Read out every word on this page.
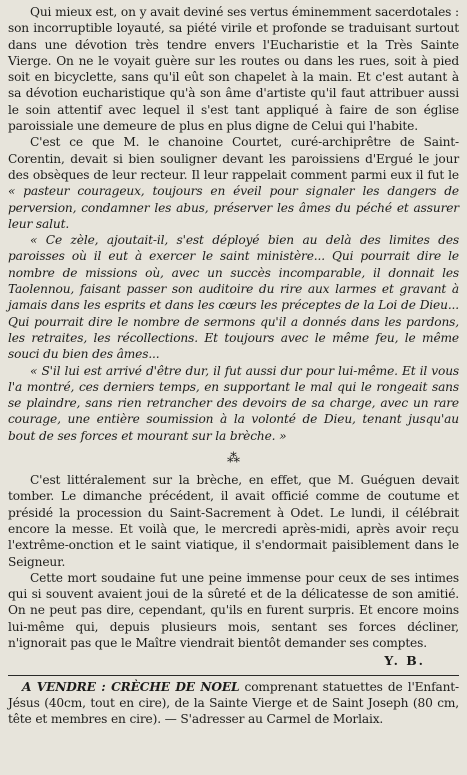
Qui mieux est, on y avait deviné ses vertus éminemment sacerdotales : son incorruptible loyauté, sa piété virile et profonde se traduisant surtout dans une dévotion très tendre envers l'Eucharistie et la Très Sainte Vierge. On ne le voyait guère sur les routes ou dans les rues, soit à pied soit en bicyclette, sans qu'il eût son chapelet à la main. Et c'est autant à sa dévotion eucharistique qu'à son âme d'artiste qu'il faut attribuer aussi le soin attentif avec lequel il s'est tant appliqué à faire de son église paroissiale une demeure de plus en plus digne de Celui qui l'habite.

C'est ce que M. le chanoine Courtet, curé-archiprêtre de Saint-Corentin, devait si bien souligner devant les paroissiens d'Ergué le jour des obsèques de leur recteur. Il leur rappelait comment parmi eux il fut le « pasteur courageux, toujours en éveil pour signaler les dangers de perversion, condamner les abus, préserver les âmes du péché et assurer leur salut.

« Ce zèle, ajoutait-il, s'est déployé bien au delà des limites des paroisses où il eut à exercer le saint ministère... Qui pourrait dire le nombre de missions où, avec un succès incomparable, il donnait les Taolennou, faisant passer son auditoire du rire aux larmes et gravant à jamais dans les esprits et dans les cœurs les préceptes de la Loi de Dieu... Qui pourrait dire le nombre de sermons qu'il a donnés dans les pardons, les retraites, les récollections. Et toujours avec le même feu, le même souci du bien des âmes...

« S'il lui est arrivé d'être dur, il fut aussi dur pour lui-même. Et il vous l'a montré, ces derniers temps, en supportant le mal qui le rongeait sans se plaindre, sans rien retrancher des devoirs de sa charge, avec un rare courage, une entière soumission à la volonté de Dieu, tenant jusqu'au bout de ses forces et mourant sur la brèche. »

⁂

C'est littéralement sur la brèche, en effet, que M. Guéguen devait tomber. Le dimanche précédent, il avait officié comme de coutume et présidé la procession du Saint-Sacrement à Odet. Le lundi, il célébrait encore la messe. Et voilà que, le mercredi après-midi, après avoir reçu l'extrême-onction et le saint viatique, il s'endormait paisiblement dans le Seigneur.

Cette mort soudaine fut une peine immense pour ceux de ses intimes qui si souvent avaient joui de la sûreté et de la délicatesse de son amitié. On ne peut pas dire, cependant, qu'ils en furent surpris. Et encore moins lui-même qui, depuis plusieurs mois, sentant ses forces décliner, n'ignorait pas que le Maître viendrait bientôt demander ses comptes.

Y. B.

A VENDRE : CRÈCHE DE NOEL comprenant statuettes de l'Enfant-Jésus (40cm, tout en cire), de la Sainte Vierge et de Saint Joseph (80 cm, tête et membres en cire). — S'adresser au Carmel de Morlaix.
